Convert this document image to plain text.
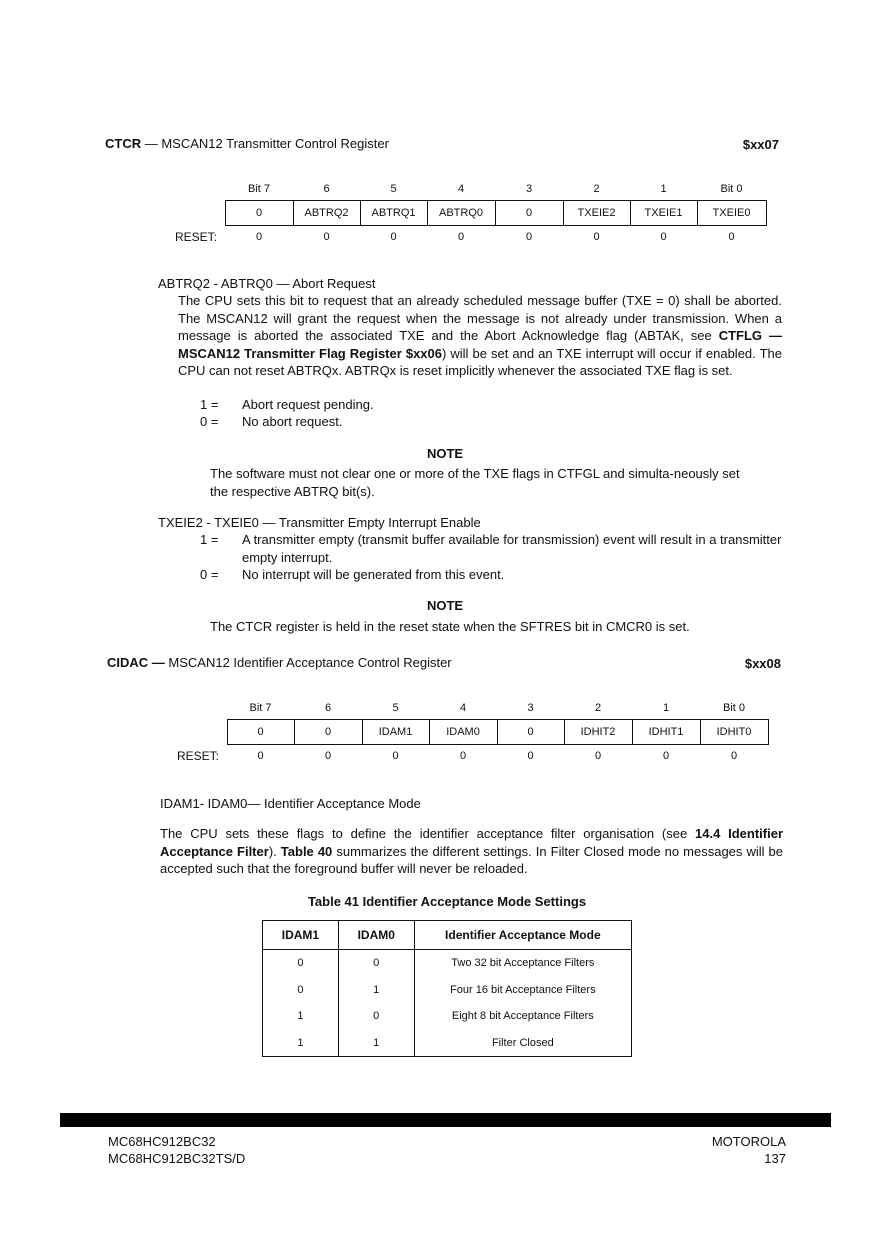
CTCR — MSCAN12 Transmitter Control Register	$xx07
	Bit 7	6	5	4	3	2	1	Bit 0
	0	ABTRQ2	ABTRQ1	ABTRQ0	0	TXEIE2	TXEIE1	TXEIE0
RESET:	0	0	0	0	0	0	0	0
ABTRQ2 - ABTRQ0 — Abort Request
The CPU sets this bit to request that an already scheduled message buffer (TXE = 0) shall be aborted. The MSCAN12 will grant the request when the message is not already under transmission. When a message is aborted the associated TXE and the Abort Acknowledge flag (ABTAK, see CTFLG — MSCAN12 Transmitter Flag Register $xx06) will be set and an TXE interrupt will occur if enabled. The CPU can not reset ABTRQx. ABTRQx is reset implicitly whenever the associated TXE flag is set.
1 = Abort request pending.
0 = No abort request.
NOTE
The software must not clear one or more of the TXE flags in CTFGL and simulta-neously set the respective ABTRQ bit(s).
TXEIE2 - TXEIE0 — Transmitter Empty Interrupt Enable
1 = A transmitter empty (transmit buffer available for transmission) event will result in a transmitter empty interrupt.
0 = No interrupt will be generated from this event.
NOTE
The CTCR register is held in the reset state when the SFTRES bit in CMCR0 is set.
CIDAC — MSCAN12 Identifier Acceptance Control Register	$xx08
	Bit 7	6	5	4	3	2	1	Bit 0
	0	0	IDAM1	IDAM0	0	IDHIT2	IDHIT1	IDHIT0
RESET:	0	0	0	0	0	0	0	0
IDAM1- IDAM0— Identifier Acceptance Mode
The CPU sets these flags to define the identifier acceptance filter organisation (see 14.4 Identifier Acceptance Filter). Table 40 summarizes the different settings. In Filter Closed mode no messages will be accepted such that the foreground buffer will never be reloaded.
Table 41 Identifier Acceptance Mode Settings
IDAM1	IDAM0	Identifier Acceptance Mode
0	0	Two 32 bit Acceptance Filters
0	1	Four 16 bit Acceptance Filters
1	0	Eight 8 bit Acceptance Filters
1	1	Filter Closed
MC68HC912BC32
MC68HC912BC32TS/D
MOTOROLA
137
